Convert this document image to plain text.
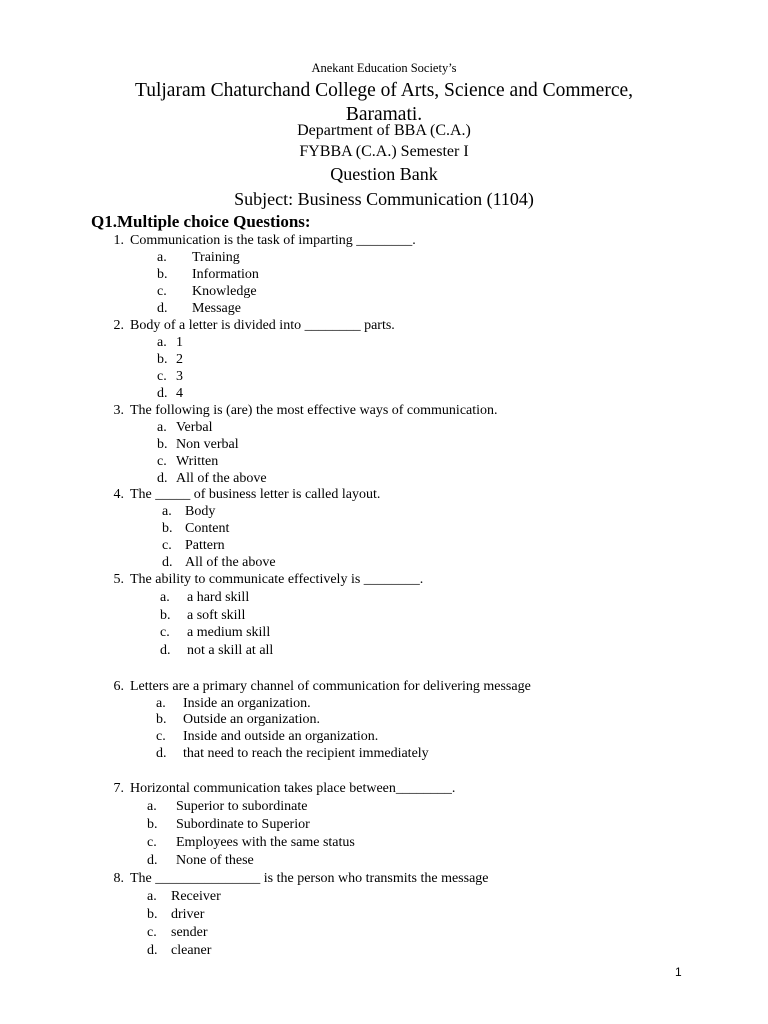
Anekant Education Society’s
Tuljaram Chaturchand College of Arts, Science and Commerce,
Baramati.
Department of BBA (C.A.)
FYBBA (C.A.) Semester I
Question Bank
Subject: Business Communication (1104)
Q1.Multiple choice Questions:
1. Communication is the task of imparting ________.
a. Training
b. Information
c. Knowledge
d. Message
2. Body of a letter is divided into ________ parts.
a. 1
b. 2
c. 3
d. 4
3. The following is (are) the most effective ways of communication.
a. Verbal
b. Non verbal
c. Written
d. All of the above
4. The _____ of business letter is called layout.
a. Body
b. Content
c. Pattern
d. All of the above
5. The ability to communicate effectively is ________.
a. a hard skill
b. a soft skill
c. a medium skill
d. not a skill at all
6. Letters are a primary channel of communication for delivering message
a. Inside an organization.
b. Outside an organization.
c. Inside and outside an organization.
d. that need to reach the recipient immediately
7. Horizontal communication takes place between________.
a. Superior to subordinate
b. Subordinate to Superior
c. Employees with the same status
d. None of these
8. The _______________ is the person who transmits the message
a. Receiver
b. driver
c. sender
d. cleaner
1
